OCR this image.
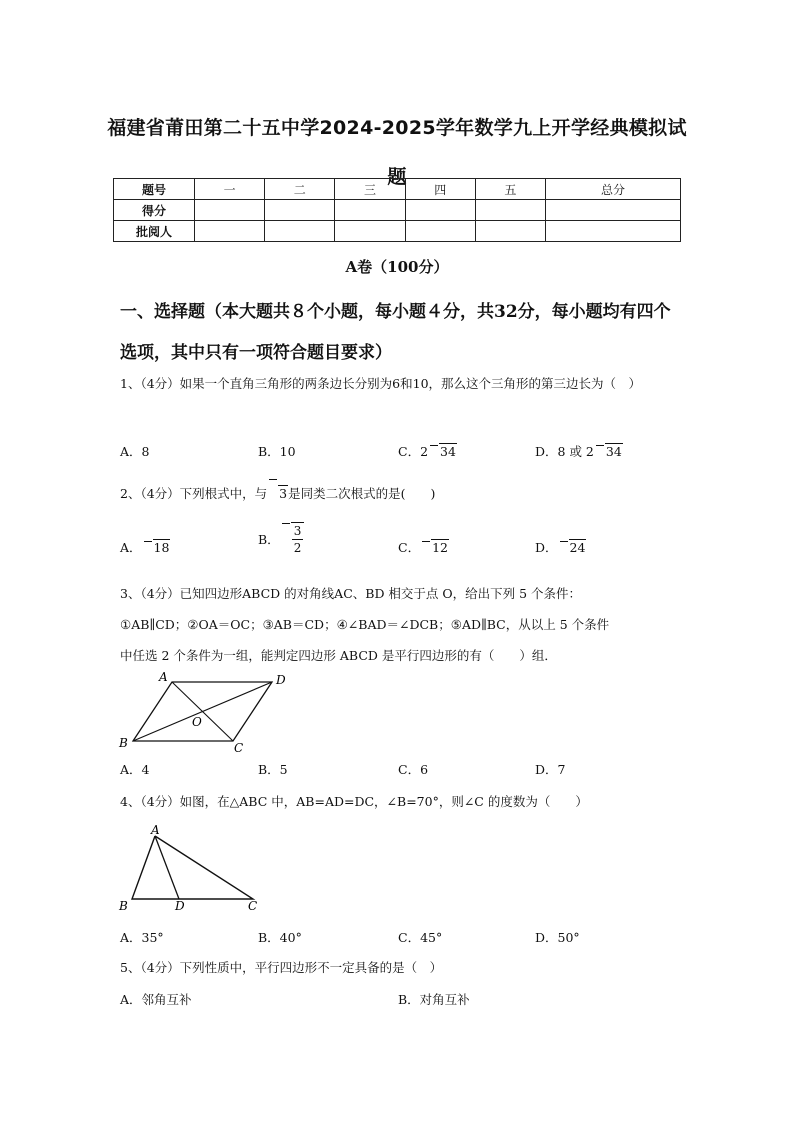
福建省莆田第二十五中学2024-2025学年数学九上开学经典模拟试
题
题号	一	二	三	四	五	总分
得分						
批阅人						
A卷（100分）
一、选择题（本大题共８个小题，每小题４分，共32分，每小题均有四个选项，其中只有一项符合题目要求）
1、（4分）如果一个直角三角形的两条边长分别为6和10，那么这个三角形的第三边长为（　）
A．8	B．10	C．2 34	D．8 或 2 34
2、（4分）下列根式中，与 3是同类二次根式的是(　　)
A． 18
B． $\frac{3}{2}$	C． 12	D． 24
3、（4分）已知四边形ABCD 的对角线AC、BD 相交于点 O，给出下列 5 个条件：
①AB∥CD；②OA＝OC；③AB＝CD；④∠BAD＝∠DCB；⑤AD∥BC，从以上 5 个条件
中任选 2 个条件为一组，能判定四边形 ABCD 是平行四边形的有（　　）组．
A	D
B	C
O
A．4	B．5	C．6	D．7
4、（4分）如图，在△ABC 中，AB=AD=DC，∠B=70°，则∠C 的度数为（　　）
A
B	D	C
A．35°	B．40°	C．45°	D．50°
5、（4分）下列性质中，平行四边形不一定具备的是（　）
A．邻角互补	B．对角互补
